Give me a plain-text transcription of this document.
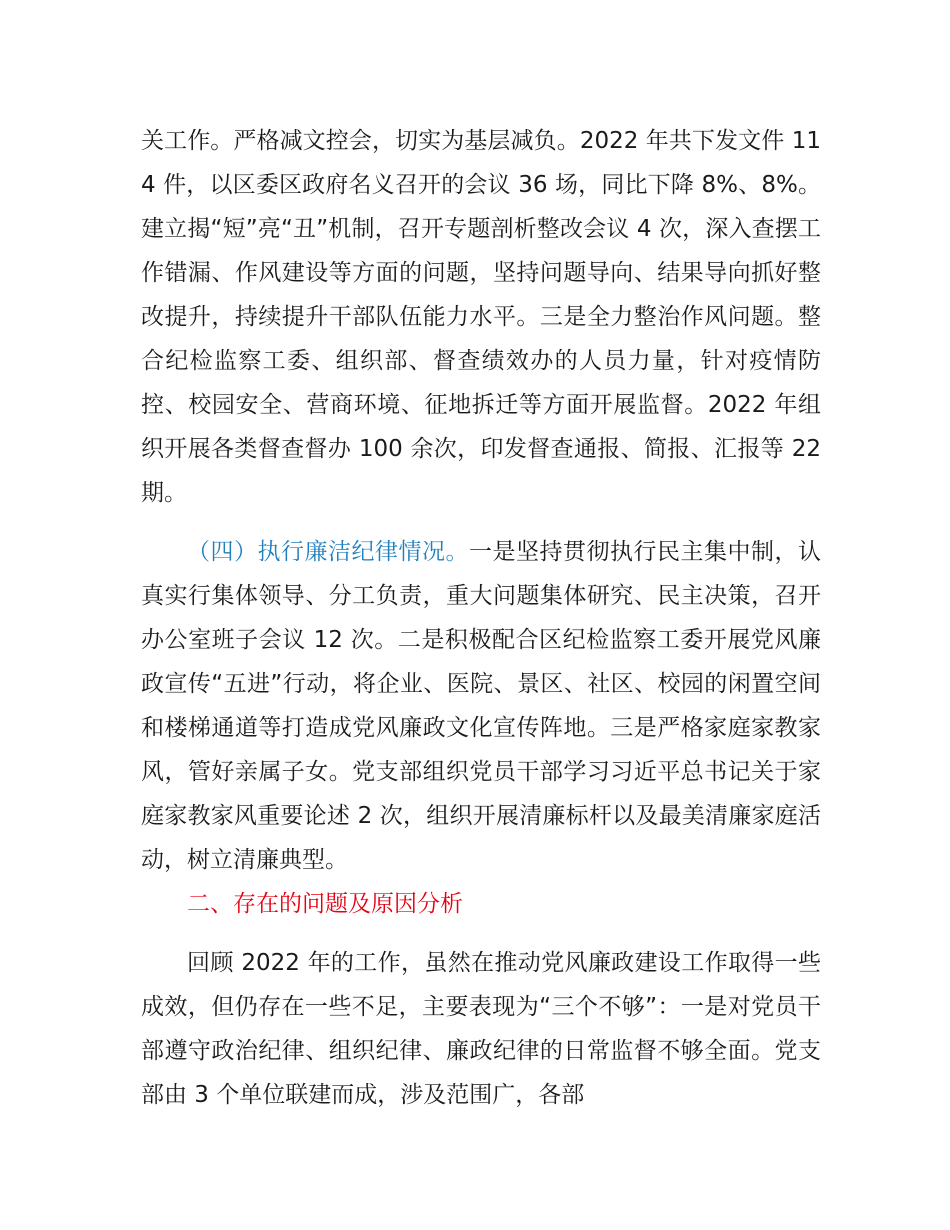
关工作。严格减文控会，切实为基层减负。2022 年共下发文件 114 件，以区委区政府名义召开的会议 36 场，同比下降 8%、8%。建立揭“短”亮“丑”机制，召开专题剖析整改会议 4 次，深入查摆工作错漏、作风建设等方面的问题，坚持问题导向、结果导向抓好整改提升，持续提升干部队伍能力水平。三是全力整治作风问题。整合纪检监察工委、组织部、督查绩效办的人员力量，针对疫情防控、校园安全、营商环境、征地拆迁等方面开展监督。2022 年组织开展各类督查督办 100 余次，印发督查通报、简报、汇报等 22 期。

（四）执行廉洁纪律情况。一是坚持贯彻执行民主集中制，认真实行集体领导、分工负责，重大问题集体研究、民主决策，召开办公室班子会议 12 次。二是积极配合区纪检监察工委开展党风廉政宣传“五进”行动，将企业、医院、景区、社区、校园的闲置空间和楼梯通道等打造成党风廉政文化宣传阵地。三是严格家庭家教家风，管好亲属子女。党支部组织党员干部学习习近平总书记关于家庭家教家风重要论述 2 次，组织开展清廉标杆以及最美清廉家庭活动，树立清廉典型。

二、存在的问题及原因分析

回顾 2022 年的工作，虽然在推动党风廉政建设工作取得一些成效，但仍存在一些不足，主要表现为“三个不够”：一是对党员干部遵守政治纪律、组织纪律、廉政纪律的日常监督不够全面。党支部由 3 个单位联建而成，涉及范围广，各部
